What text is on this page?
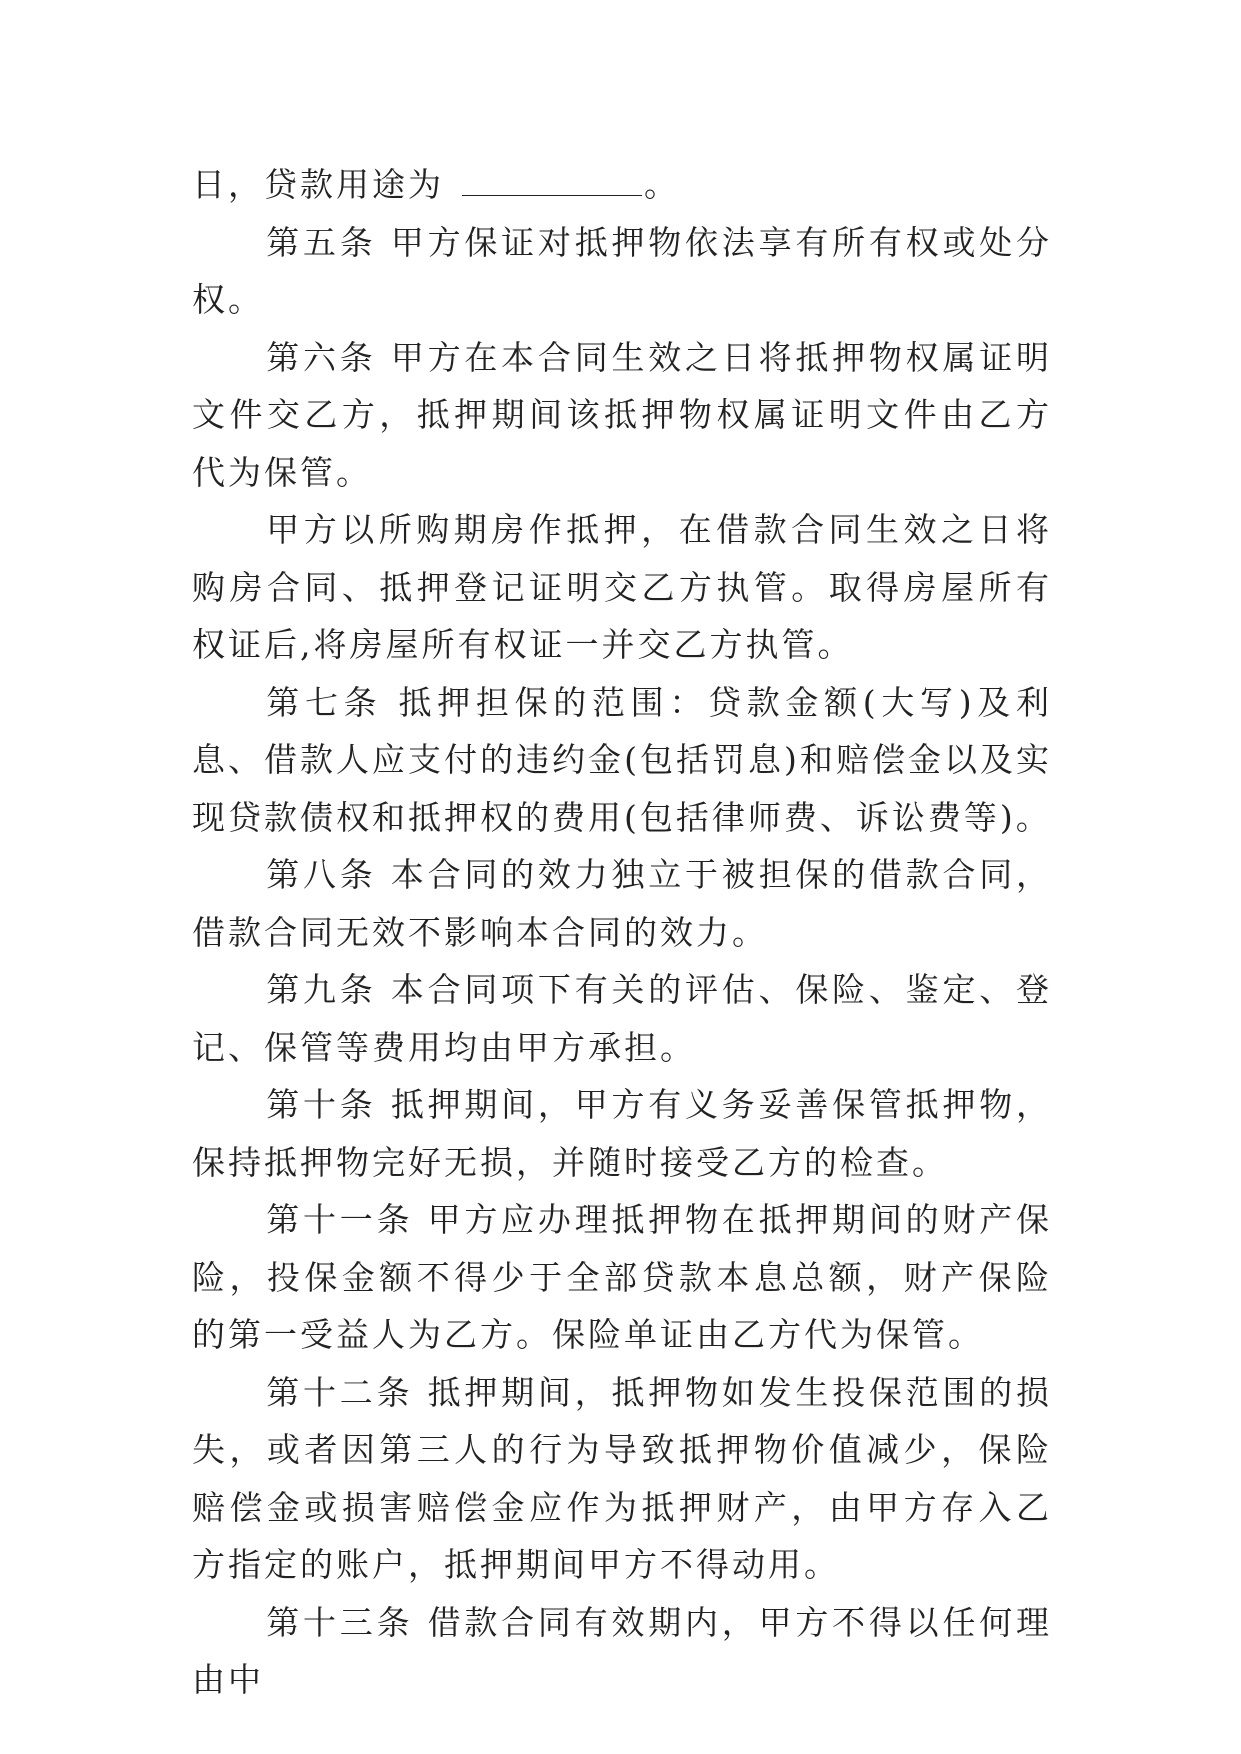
日，贷款用途为	。

第五条 甲方保证对抵押物依法享有所有权或处分权。

第六条 甲方在本合同生效之日将抵押物权属证明文件交乙方，抵押期间该抵押物权属证明文件由乙方代为保管。

甲方以所购期房作抵押，在借款合同生效之日将购房合同、抵押登记证明交乙方执管。取得房屋所有权证后,将房屋所有权证一并交乙方执管。

第七条 抵押担保的范围：贷款金额(大写)及利息、借款人应支付的违约金(包括罚息)和赔偿金以及实现贷款债权和抵押权的费用(包括律师费、诉讼费等)。

第八条 本合同的效力独立于被担保的借款合同，借款合同无效不影响本合同的效力。

第九条 本合同项下有关的评估、保险、鉴定、登记、保管等费用均由甲方承担。

第十条 抵押期间，甲方有义务妥善保管抵押物，保持抵押物完好无损，并随时接受乙方的检查。

第十一条 甲方应办理抵押物在抵押期间的财产保险，投保金额不得少于全部贷款本息总额，财产保险的第一受益人为乙方。保险单证由乙方代为保管。

第十二条 抵押期间，抵押物如发生投保范围的损失，或者因第三人的行为导致抵押物价值减少，保险赔偿金或损害赔偿金应作为抵押财产，由甲方存入乙方指定的账户，抵押期间甲方不得动用。

第十三条 借款合同有效期内，甲方不得以任何理由中
